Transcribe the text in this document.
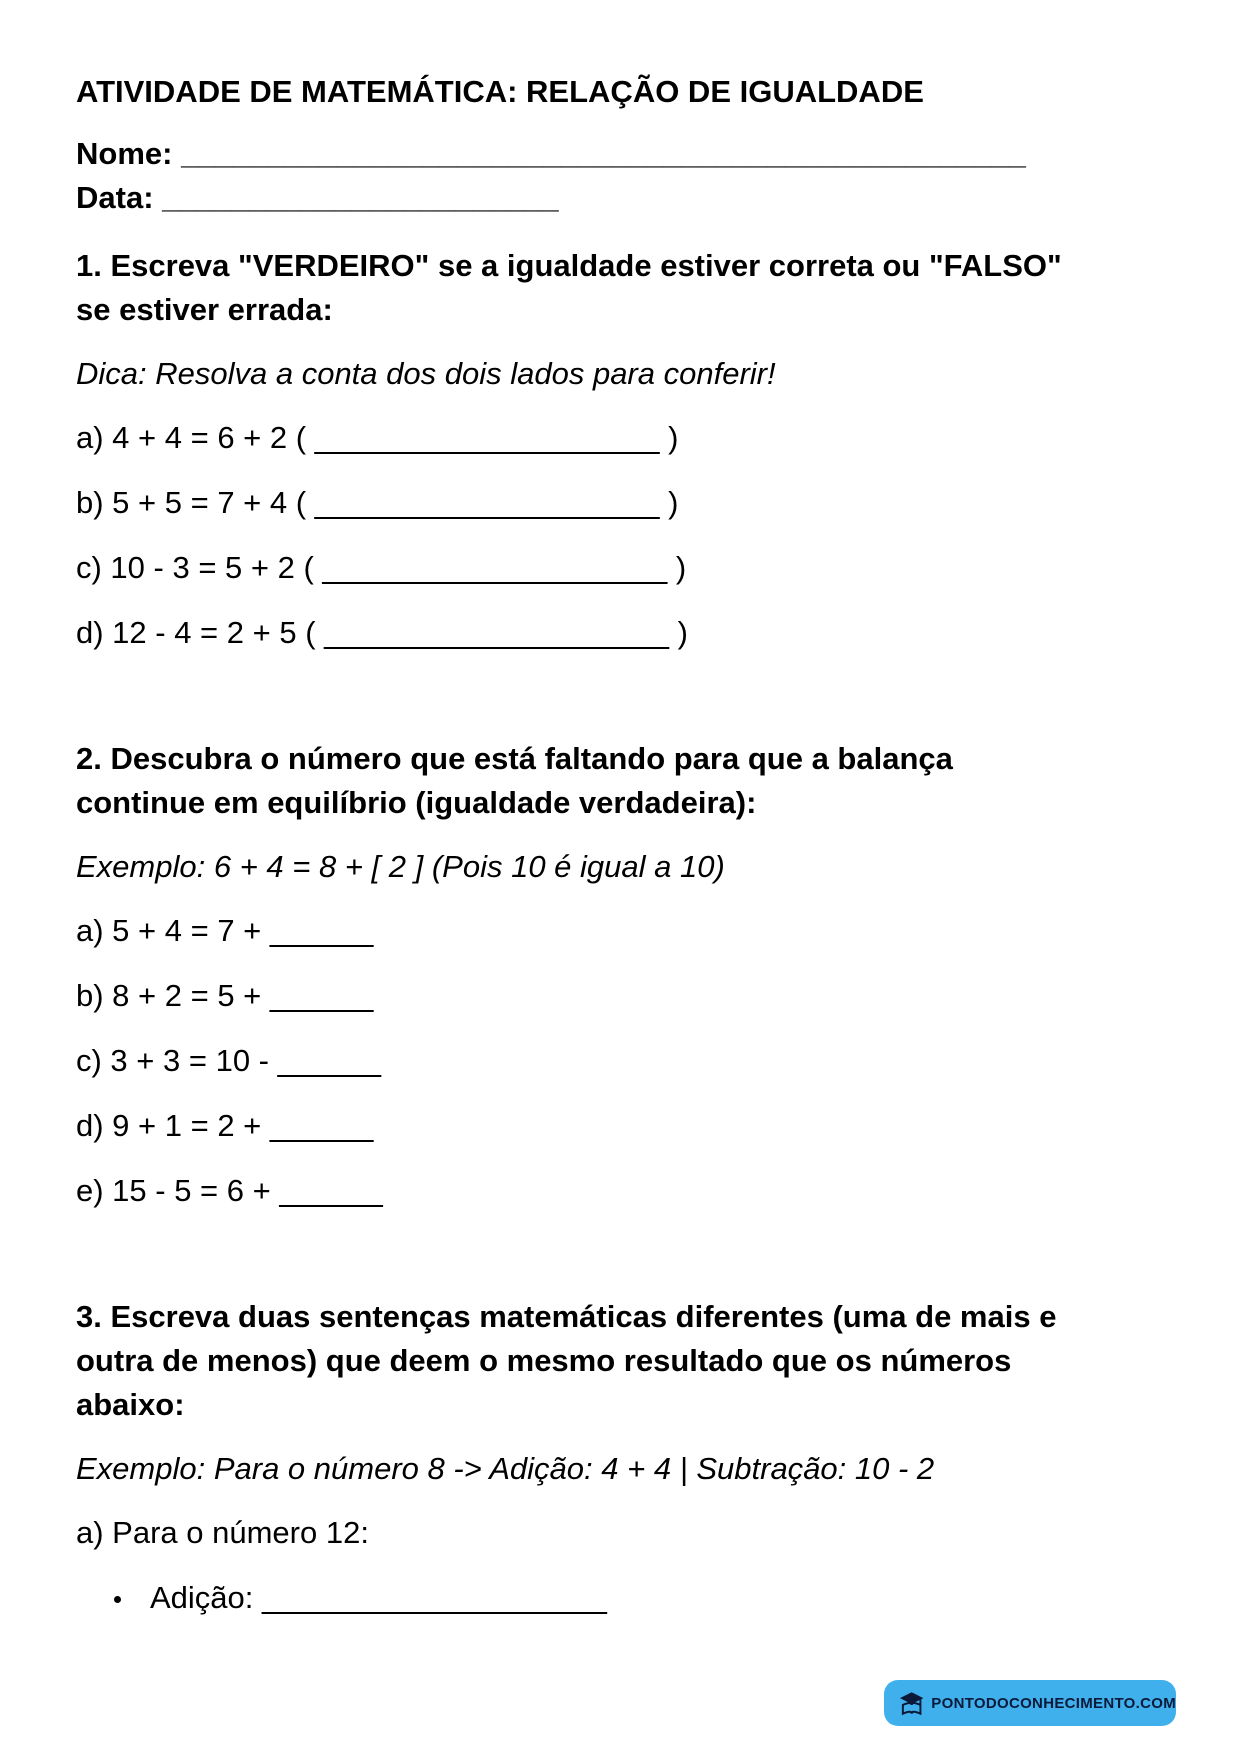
ATIVIDADE DE MATEMÁTICA: RELAÇÃO DE IGUALDADE
Nome: _________________________________________________
Data: _______________________
1. Escreva "VERDEIRO" se a igualdade estiver correta ou "FALSO"
se estiver errada:
Dica: Resolva a conta dos dois lados para conferir!
a) 4 + 4 = 6 + 2 ( ____________________ )
b) 5 + 5 = 7 + 4 ( ____________________ )
c) 10 - 3 = 5 + 2 ( ____________________ )
d) 12 - 4 = 2 + 5 ( ____________________ )
2. Descubra o número que está faltando para que a balança
continue em equilíbrio (igualdade verdadeira):
Exemplo: 6 + 4 = 8 + [ 2 ] (Pois 10 é igual a 10)
a) 5 + 4 = 7 + ______
b) 8 + 2 = 5 + ______
c) 3 + 3 = 10 - ______
d) 9 + 1 = 2 + ______
e) 15 - 5 = 6 + ______
3. Escreva duas sentenças matemáticas diferentes (uma de mais e
outra de menos) que deem o mesmo resultado que os números
abaixo:
Exemplo: Para o número 8 -> Adição: 4 + 4 | Subtração: 10 - 2
a) Para o número 12:
Adição: ____________________
PONTODOCONHECIMENTO.COM
